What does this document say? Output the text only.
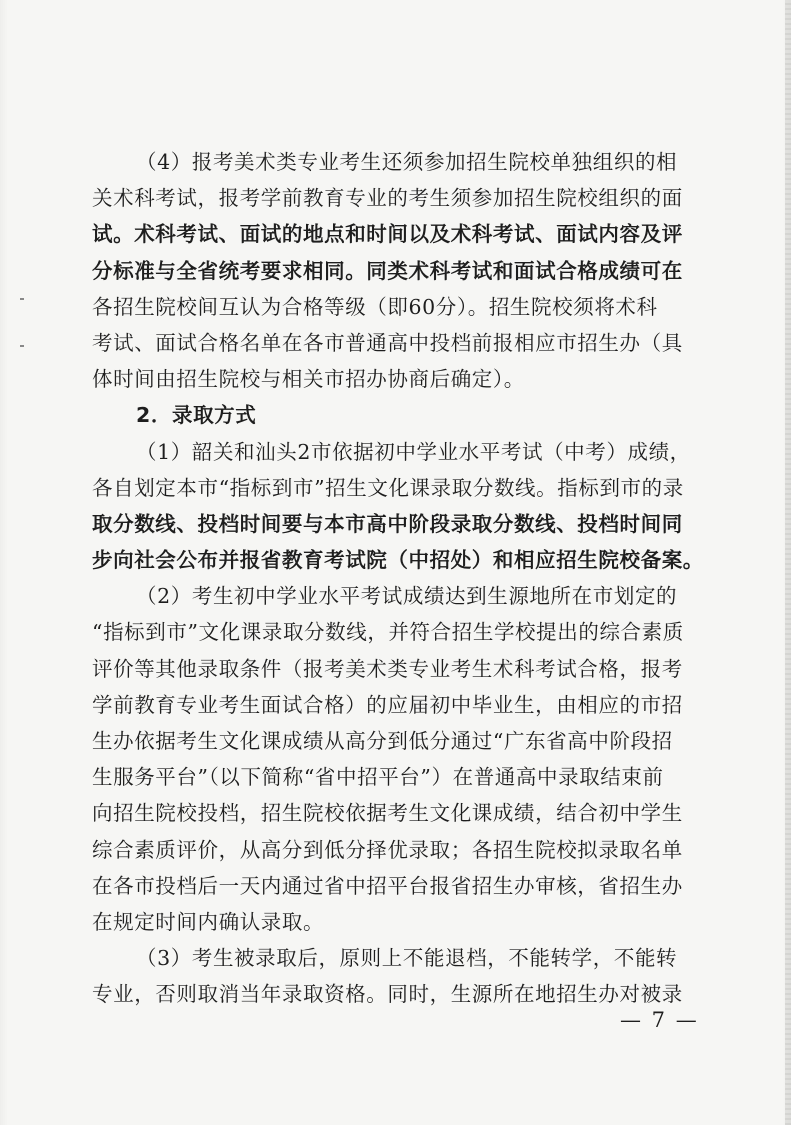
（4）报考美术类专业考生还须参加招生院校单独组织的相
关术科考试，报考学前教育专业的考生须参加招生院校组织的面
试。术科考试、面试的地点和时间以及术科考试、面试内容及评
分标准与全省统考要求相同。同类术科考试和面试合格成绩可在
各招生院校间互认为合格等级（即60分）。招生院校须将术科
考试、面试合格名单在各市普通高中投档前报相应市招生办（具
体时间由招生院校与相关市招办协商后确定）。
2．录取方式
（1）韶关和汕头2市依据初中学业水平考试（中考）成绩，
各自划定本市“指标到市”招生文化课录取分数线。指标到市的录
取分数线、投档时间要与本市高中阶段录取分数线、投档时间同
步向社会公布并报省教育考试院（中招处）和相应招生院校备案。
（2）考生初中学业水平考试成绩达到生源地所在市划定的
“指标到市”文化课录取分数线，并符合招生学校提出的综合素质
评价等其他录取条件（报考美术类专业考生术科考试合格，报考
学前教育专业考生面试合格）的应届初中毕业生，由相应的市招
生办依据考生文化课成绩从高分到低分通过“广东省高中阶段招
生服务平台”（以下简称“省中招平台”）在普通高中录取结束前
向招生院校投档，招生院校依据考生文化课成绩，结合初中学生
综合素质评价，从高分到低分择优录取；各招生院校拟录取名单
在各市投档后一天内通过省中招平台报省招生办审核，省招生办
在规定时间内确认录取。
（3）考生被录取后，原则上不能退档，不能转学，不能转
专业，否则取消当年录取资格。同时，生源所在地招生办对被录
— 7 —
